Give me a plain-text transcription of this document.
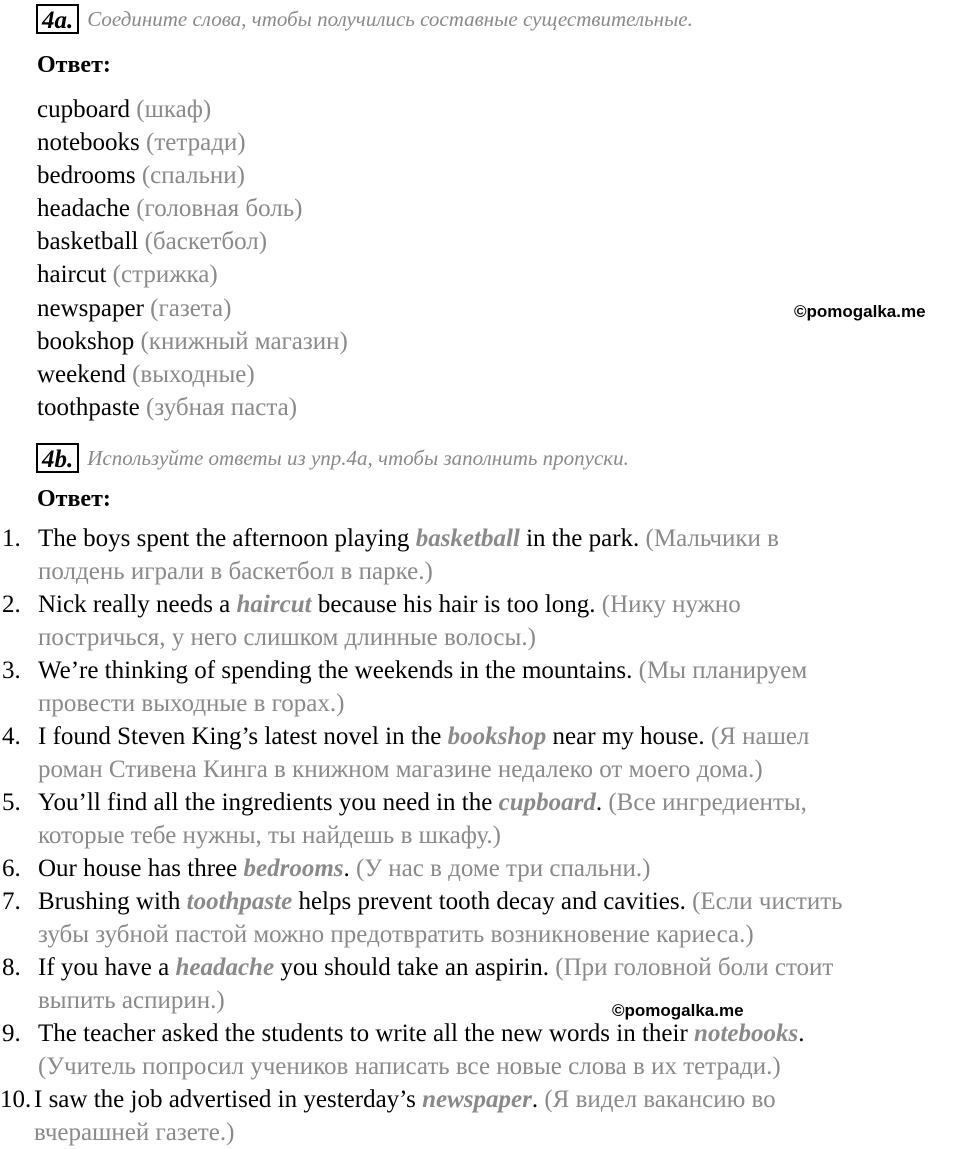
4a. Соедините слова, чтобы получились составные существительные.
Ответ:
cupboard (шкаф)
notebooks (тетради)
bedrooms (спальни)
headache (головная боль)
basketball (баскетбол)
haircut (стрижка)
newspaper (газета)
bookshop (книжный магазин)
weekend (выходные)
toothpaste (зубная паста)
©pomogalka.me
4b. Используйте ответы из упр.4a, чтобы заполнить пропуски.
Ответ:
1. The boys spent the afternoon playing basketball in the park. (Мальчики в
полдень играли в баскетбол в парке.)
2. Nick really needs a haircut because his hair is too long. (Нику нужно
постричься, у него слишком длинные волосы.)
3. We’re thinking of spending the weekends in the mountains. (Мы планируем
провести выходные в горах.)
4. I found Steven King’s latest novel in the bookshop near my house. (Я нашел
роман Стивена Кинга в книжном магазине недалеко от моего дома.)
5. You’ll find all the ingredients you need in the cupboard. (Все ингредиенты,
которые тебе нужны, ты найдешь в шкафу.)
6. Our house has three bedrooms. (У нас в доме три спальни.)
7. Brushing with toothpaste helps prevent tooth decay and cavities. (Если чистить
зубы зубной пастой можно предотвратить возникновение кариеса.)
8. If you have a headache you should take an aspirin. (При головной боли стоит
выпить аспирин.)
9. The teacher asked the students to write all the new words in their notebooks.
(Учитель попросил учеников написать все новые слова в их тетради.)
10. I saw the job advertised in yesterday’s newspaper. (Я видел вакансию во
вчерашней газете.)
©pomogalka.me
